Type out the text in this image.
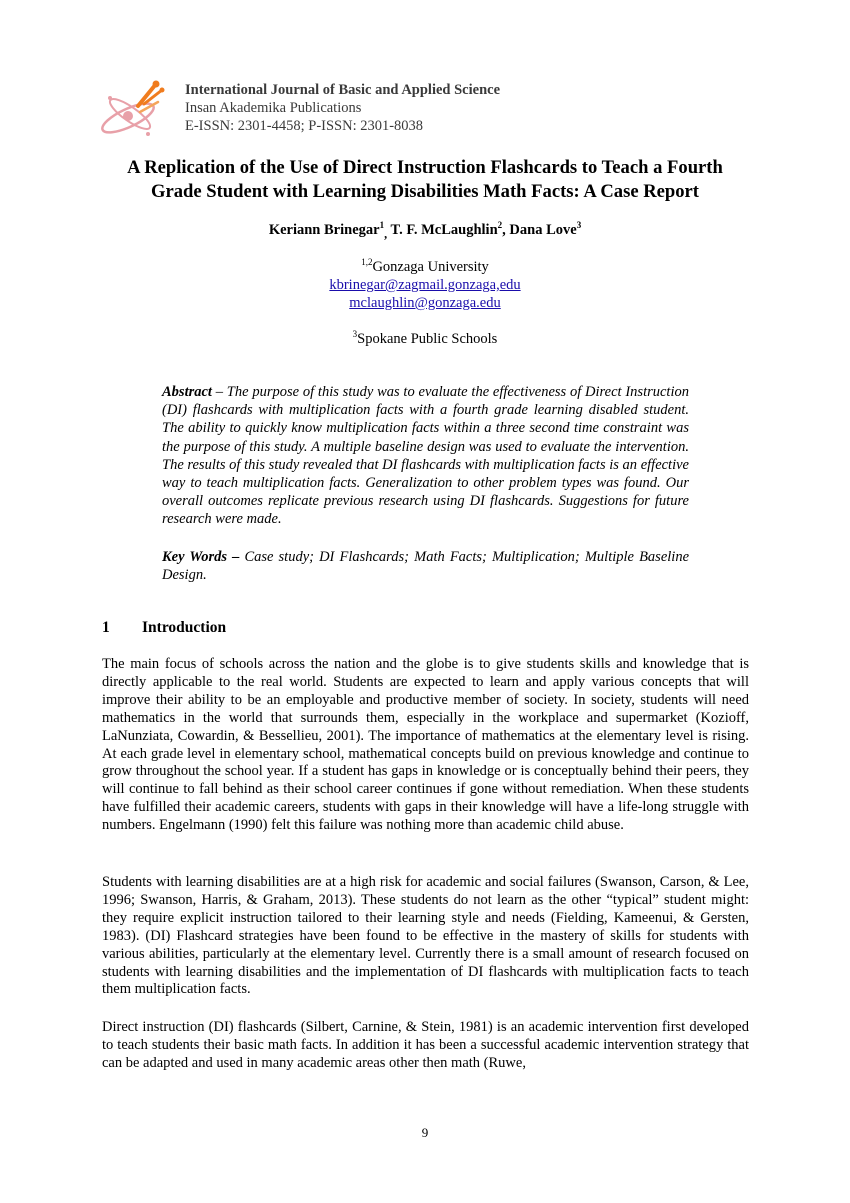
International Journal of Basic and Applied Science
Insan Akademika Publications
E-ISSN: 2301-4458; P-ISSN: 2301-8038
A Replication of the Use of Direct Instruction Flashcards to Teach a Fourth Grade Student with Learning Disabilities Math Facts: A Case Report
Keriann Brinegar$^1_,$ T. F. McLaughlin$^2$, Dana Love$^3$
$^{1,2}$Gonzaga University
kbrinegar@zagmail.gonzaga,edu
mclaughlin@gonzaga.edu
$^3$Spokane Public Schools
Abstract – The purpose of this study was to evaluate the effectiveness of Direct Instruction (DI) flashcards with multiplication facts with a fourth grade learning disabled student. The ability to quickly know multiplication facts within a three second time constraint was the purpose of this study. A multiple baseline design was used to evaluate the intervention. The results of this study revealed that DI flashcards with multiplication facts is an effective way to teach multiplication facts. Generalization to other problem types was found. Our overall outcomes replicate previous research using DI flashcards. Suggestions for future research were made.
Key Words – Case study; DI Flashcards; Math Facts; Multiplication; Multiple Baseline Design.
1 Introduction

The main focus of schools across the nation and the globe is to give students skills and knowledge that is directly applicable to the real world. Students are expected to learn and apply various concepts that will improve their ability to be an employable and productive member of society. In society, students will need mathematics in the world that surrounds them, especially in the workplace and supermarket (Kozioff, LaNunziata, Cowardin, & Bessellieu, 2001). The importance of mathematics at the elementary level is rising. At each grade level in elementary school, mathematical concepts build on previous knowledge and continue to grow throughout the school year. If a student has gaps in knowledge or is conceptually behind their peers, they will continue to fall behind as their school career continues if gone without remediation. When these students have fulfilled their academic careers, students with gaps in their knowledge will have a life-long struggle with numbers. Engelmann (1990) felt this failure was nothing more than academic child abuse.

Students with learning disabilities are at a high risk for academic and social failures (Swanson, Carson, & Lee, 1996; Swanson, Harris, & Graham, 2013). These students do not learn as the other “typical” student might: they require explicit instruction tailored to their learning style and needs (Fielding, Kameenui, & Gersten, 1983). (DI) Flashcard strategies have been found to be effective in the mastery of skills for students with various abilities, particularly at the elementary level. Currently there is a small amount of research focused on students with learning disabilities and the implementation of DI flashcards with multiplication facts to teach them multiplication facts.

Direct instruction (DI) flashcards (Silbert, Carnine, & Stein, 1981) is an academic intervention first developed to teach students their basic math facts. In addition it has been a successful academic intervention strategy that can be adapted and used in many academic areas other then math (Ruwe,

9
